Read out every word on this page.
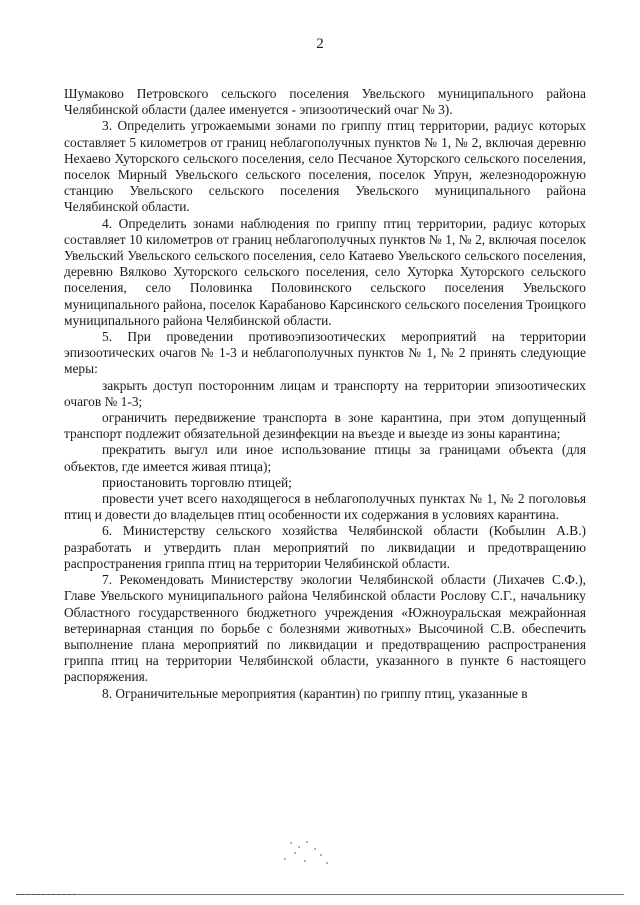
2

Шумаково Петровского сельского поселения Увельского муниципального района Челябинской области (далее именуется - эпизоотический очаг № 3).

3. Определить угрожаемыми зонами по гриппу птиц территории, радиус которых составляет 5 километров от границ неблагополучных пунктов № 1, № 2, включая деревню Нехаево Хуторского сельского поселения, село Песчаное Хуторского сельского поселения, поселок Мирный Увельского сельского поселения, поселок Упрун, железнодорожную станцию Увельского сельского поселения Увельского муниципального района Челябинской области.

4. Определить зонами наблюдения по гриппу птиц территории, радиус которых составляет 10 километров от границ неблагополучных пунктов № 1, № 2, включая поселок Увельский Увельского сельского поселения, село Катаево Увельского сельского поселения, деревню Вялково Хуторского сельского поселения, село Хуторка Хуторского сельского поселения, село Половинка Половинского сельского поселения Увельского муниципального района, поселок Карабаново Карсинского сельского поселения Троицкого муниципального района Челябинской области.

5. При проведении противоэпизоотических мероприятий на территории эпизоотических очагов № 1-3 и неблагополучных пунктов № 1, № 2 принять следующие меры:

закрыть доступ посторонним лицам и транспорту на территории эпизоотических очагов № 1-3;

ограничить передвижение транспорта в зоне карантина, при этом допущенный транспорт подлежит обязательной дезинфекции на въезде и выезде из зоны карантина;

прекратить выгул или иное использование птицы за границами объекта (для объектов, где имеется живая птица);

приостановить торговлю птицей;

провести учет всего находящегося в неблагополучных пунктах № 1, № 2 поголовья птиц и довести до владельцев птиц особенности их содержания в условиях карантина.

6. Министерству сельского хозяйства Челябинской области (Кобылин А.В.) разработать и утвердить план мероприятий по ликвидации и предотвращению распространения гриппа птиц на территории Челябинской области.

7. Рекомендовать Министерству экологии Челябинской области (Лихачев С.Ф.), Главе Увельского муниципального района Челябинской области Рослову С.Г., начальнику Областного государственного бюджетного учреждения «Южноуральская межрайонная ветеринарная станция по борьбе с болезнями животных» Высочиной С.В. обеспечить выполнение плана мероприятий по ликвидации и предотвращению распространения гриппа птиц на территории Челябинской области, указанного в пункте 6 настоящего распоряжения.

8. Ограничительные мероприятия (карантин) по гриппу птиц, указанные в
